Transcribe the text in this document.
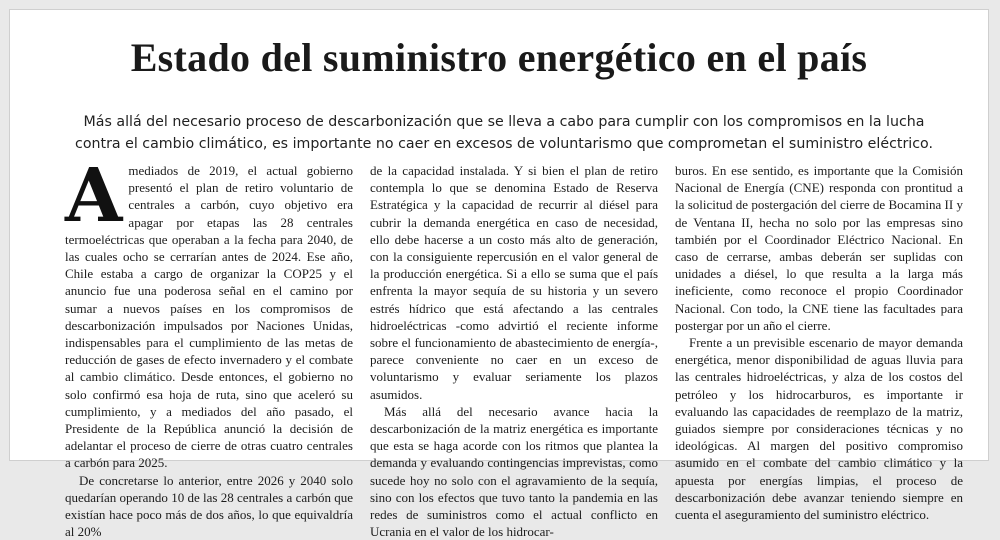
Estado del suministro energético en el país
Más allá del necesario proceso de descarbonización que se lleva a cabo para cumplir con los compromisos en la lucha contra el cambio climático, es importante no caer en excesos de voluntarismo que comprometan el suministro eléctrico.
A mediados de 2019, el actual gobierno presentó el plan de retiro voluntario de centrales a carbón, cuyo objetivo era apagar por etapas las 28 centrales termoeléctricas que operaban a la fecha para 2040, de las cuales ocho se cerrarían antes de 2024. Ese año, Chile estaba a cargo de organizar la COP25 y el anuncio fue una poderosa señal en el camino por sumar a nuevos países en los compromisos de descarbonización impulsados por Naciones Unidas, indispensables para el cumplimiento de las metas de reducción de gases de efecto invernadero y el combate al cambio climático. Desde entonces, el gobierno no solo confirmó esa hoja de ruta, sino que aceleró su cumplimiento, y a mediados del año pasado, el Presidente de la República anunció la decisión de adelantar el proceso de cierre de otras cuatro centrales a carbón para 2025.

De concretarse lo anterior, entre 2026 y 2040 solo quedarían operando 10 de las 28 centrales a carbón que existían hace poco más de dos años, lo que equivaldría al 20%

de la capacidad instalada. Y si bien el plan de retiro contempla lo que se denomina Estado de Reserva Estratégica y la capacidad de recurrir al diésel para cubrir la demanda energética en caso de necesidad, ello debe hacerse a un costo más alto de generación, con la consiguiente repercusión en el valor general de la producción energética. Si a ello se suma que el país enfrenta la mayor sequía de su historia y un severo estrés hídrico que está afectando a las centrales hidroeléctricas -como advirtió el reciente informe sobre el funcionamiento de abastecimiento de energía-, parece conveniente no caer en un exceso de voluntarismo y evaluar seriamente los plazos asumidos.

Más allá del necesario avance hacia la descarbonización de la matriz energética es importante que esta se haga acorde con los ritmos que plantea la demanda y evaluando contingencias imprevistas, como sucede hoy no solo con el agravamiento de la sequía, sino con los efectos que tuvo tanto la pandemia en las redes de suministros como el actual conflicto en Ucrania en el valor de los hidrocar-

buros. En ese sentido, es importante que la Comisión Nacional de Energía (CNE) responda con prontitud a la solicitud de postergación del cierre de Bocamina II y de Ventana II, hecha no solo por las empresas sino también por el Coordinador Eléctrico Nacional. En caso de cerrarse, ambas deberán ser suplidas con unidades a diésel, lo que resulta a la larga más ineficiente, como reconoce el propio Coordinador Nacional. Con todo, la CNE tiene las facultades para postergar por un año el cierre.

Frente a un previsible escenario de mayor demanda energética, menor disponibilidad de aguas lluvia para las centrales hidroeléctricas, y alza de los costos del petróleo y los hidrocarburos, es importante ir evaluando las capacidades de reemplazo de la matriz, guiados siempre por consideraciones técnicas y no ideológicas. Al margen del positivo compromiso asumido en el combate del cambio climático y la apuesta por energías limpias, el proceso de descarbonización debe avanzar teniendo siempre en cuenta el aseguramiento del suministro eléctrico.
